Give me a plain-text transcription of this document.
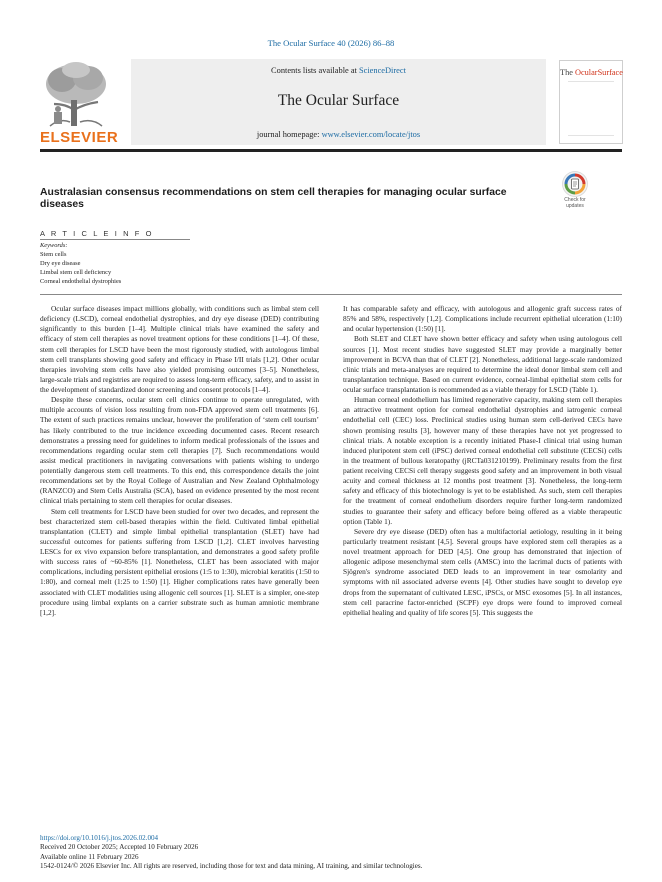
The Ocular Surface 40 (2026) 86–88
ELSEVIER
Contents lists available at ScienceDirect
The Ocular Surface
journal homepage: www.elsevier.com/locate/jtos
The OcularSurface
Australasian consensus recommendations on stem cell therapies for managing ocular surface diseases	Check for
updates
A R T I C L E I N F O
Keywords:
Stem cells
Dry eye disease
Limbal stem cell deficiency
Corneal endothelial dystrophies

Ocular surface diseases impact millions globally, with conditions such as limbal stem cell deficiency (LSCD), corneal endothelial dystrophies, and dry eye disease (DED) contributing significantly to this burden [1–4]. Multiple clinical trials have examined the safety and efficacy of stem cell therapies as novel treatment options for these conditions [1–4]. Of these, stem cell therapies for LSCD have been the most rigorously studied, with autologous limbal stem cell transplants showing good safety and efficacy in Phase I/II trials [1,2]. Other ocular therapies involving stem cells have also yielded promising outcomes [3–5]. Nonetheless, large-scale trials and registries are required to assess long-term efficacy, safety, and to assist in the development of standardized donor screening and consent protocols [1–4].

Despite these concerns, ocular stem cell clinics continue to operate unregulated, with multiple accounts of vision loss resulting from non-FDA approved stem cell treatments [6]. The extent of such practices remains unclear, however the proliferation of ‘stem cell tourism’ has likely contributed to the true incidence exceeding documented cases. Recent research demonstrates a pressing need for guidelines to inform medical professionals of the issues and recommendations regarding ocular stem cell therapies [7]. Such recommendations would assist medical practitioners in navigating conversations with patients wishing to undergo potentially dangerous stem cell treatments. To this end, this correspondence details the joint recommendations set by the Royal College of Australian and New Zealand Ophthalmology (RANZCO) and Stem Cells Australia (SCA), based on evidence presented by the most recent clinical trials pertaining to stem cell therapies for ocular diseases.

Stem cell treatments for LSCD have been studied for over two decades, and represent the best characterized stem cell-based therapies within the field. Cultivated limbal epithelial transplantation (CLET) and simple limbal epithelial transplantation (SLET) have had successful outcomes for patients suffering from LSCD [1,2]. CLET involves harvesting LESCs for ex vivo expansion before transplantation, and demonstrates a good safety profile with success rates of ~60-85% [1]. Nonetheless, CLET has been associated with major complications, including persistent epithelial erosions (1:5 to 1:30), microbial keratitis (1:50 to 1:80), and corneal melt (1:25 to 1:50) [1]. Higher complications rates have generally been associated with CLET modalities using allogenic cell sources [1]. SLET is a simpler, one-step procedure using limbal explants on a carrier substrate such as human amniotic membrane [1,2].

It has comparable safety and efficacy, with autologous and allogenic graft success rates of 85% and 58%, respectively [1,2]. Complications include recurrent epithelial ulceration (1:10) and ocular hypertension (1:50) [1].

Both SLET and CLET have shown better efficacy and safety when using autologous cell sources [1]. Most recent studies have suggested SLET may provide a marginally better improvement in BCVA than that of CLET [2]. Nonetheless, additional large-scale randomized clinic trials and meta-analyses are required to determine the ideal donor limbal stem cell and transplantation technique. Based on current evidence, corneal-limbal epithelial stem cells for ocular surface transplantation is recommended as a viable therapy for LSCD (Table 1).

Human corneal endothelium has limited regenerative capacity, making stem cell therapies an attractive treatment option for corneal endothelial dystrophies and iatrogenic corneal endothelial cell (CEC) loss. Preclinical studies using human stem cell-derived CECs have shown promising results [3], however many of these therapies have not yet progressed to clinical trials. A notable exception is a recently initiated Phase-I clinical trial using human induced pluripotent stem cell (iPSC) derived corneal endothelial cell substitute (CECSi) cells in the treatment of bullous keratopathy (jRCTa031210199). Preliminary results from the first patient receiving CECSi cell therapy suggests good safety and an improvement in both visual acuity and corneal thickness at 12 months post treatment [3]. Nonetheless, the long-term safety and efficacy of this biotechnology is yet to be established. As such, stem cell therapies for the treatment of corneal endothelium disorders require further long-term randomized studies to guarantee their safety and efficacy before being offered as a viable therapeutic option (Table 1).

Severe dry eye disease (DED) often has a multifactorial aetiology, resulting in it being particularly treatment resistant [4,5]. Several groups have explored stem cell therapies as a novel treatment approach for DED [4,5]. One group has demonstrated that injection of allogenic adipose mesenchymal stem cells (AMSC) into the lacrimal ducts of patients with Sjögren's syndrome associated DED leads to an improvement in tear osmolarity and symptoms with nil associated adverse events [4]. Other studies have sought to develop eye drops from the supernatant of cultivated LESC, iPSCs, or MSC exosomes [5]. In all instances, stem cell paracrine factor-enriched (SCPF) eye drops were found to improved corneal epithelial healing and quality of life scores [5]. This suggests the

https://doi.org/10.1016/j.jtos.2026.02.004
Received 20 October 2025; Accepted 10 February 2026
Available online 11 February 2026
1542-0124/© 2026 Elsevier Inc. All rights are reserved, including those for text and data mining, AI training, and similar technologies.
